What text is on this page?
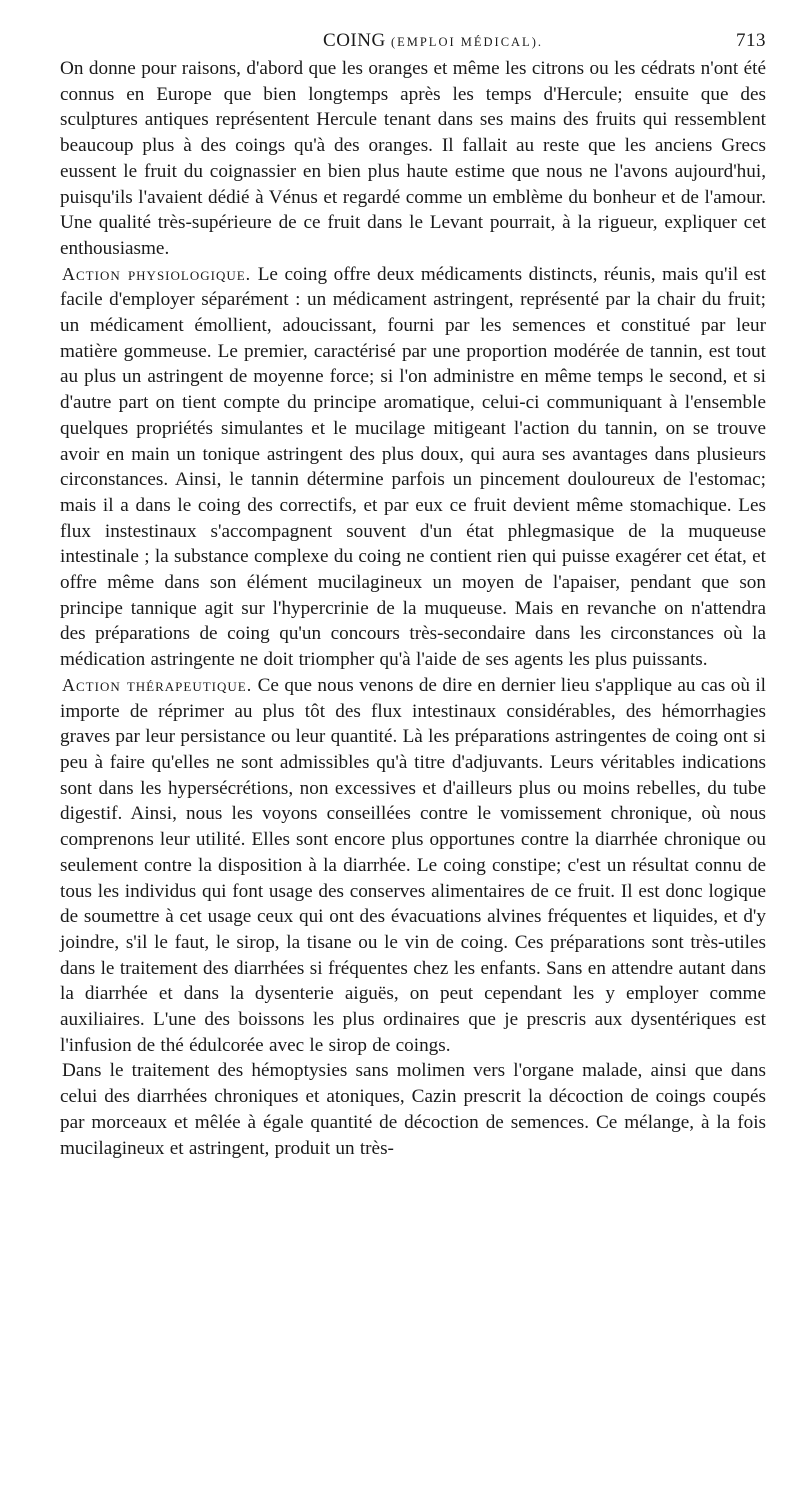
COING (EMPLOI MÉDICAL).	713

On donne pour raisons, d'abord que les oranges et même les citrons ou les cédrats n'ont été connus en Europe que bien longtemps après les temps d'Hercule; ensuite que des sculptures antiques représentent Hercule tenant dans ses mains des fruits qui ressemblent beaucoup plus à des coings qu'à des oranges. Il fallait au reste que les anciens Grecs eussent le fruit du coignassier en bien plus haute estime que nous ne l'avons aujourd'hui, puisqu'ils l'avaient dédié à Vénus et regardé comme un emblème du bonheur et de l'amour. Une qualité très-supérieure de ce fruit dans le Levant pourrait, à la rigueur, expliquer cet enthousiasme.

Action physiologique. Le coing offre deux médicaments distincts, réunis, mais qu'il est facile d'employer séparément : un médicament astringent, représenté par la chair du fruit; un médicament émollient, adoucissant, fourni par les semences et constitué par leur matière gommeuse. Le premier, caractérisé par une proportion modérée de tannin, est tout au plus un astringent de moyenne force; si l'on administre en même temps le second, et si d'autre part on tient compte du principe aromatique, celui-ci communiquant à l'ensemble quelques propriétés simulantes et le mucilage mitigeant l'action du tannin, on se trouve avoir en main un tonique astringent des plus doux, qui aura ses avantages dans plusieurs circonstances. Ainsi, le tannin détermine parfois un pincement douloureux de l'estomac; mais il a dans le coing des correctifs, et par eux ce fruit devient même stomachique. Les flux instestinaux s'accompagnent souvent d'un état phlegmasique de la muqueuse intestinale ; la substance complexe du coing ne contient rien qui puisse exagérer cet état, et offre même dans son élément mucilagineux un moyen de l'apaiser, pendant que son principe tannique agit sur l'hypercrinie de la muqueuse. Mais en revanche on n'attendra des préparations de coing qu'un concours très-secondaire dans les circonstances où la médication astringente ne doit triompher qu'à l'aide de ses agents les plus puissants.

Action thérapeutique. Ce que nous venons de dire en dernier lieu s'applique au cas où il importe de réprimer au plus tôt des flux intestinaux considérables, des hémorrhagies graves par leur persistance ou leur quantité. Là les préparations astringentes de coing ont si peu à faire qu'elles ne sont admissibles qu'à titre d'adjuvants. Leurs véritables indications sont dans les hypersécrétions, non excessives et d'ailleurs plus ou moins rebelles, du tube digestif. Ainsi, nous les voyons conseillées contre le vomissement chronique, où nous comprenons leur utilité. Elles sont encore plus opportunes contre la diarrhée chronique ou seulement contre la disposition à la diarrhée. Le coing constipe; c'est un résultat connu de tous les individus qui font usage des conserves alimentaires de ce fruit. Il est donc logique de soumettre à cet usage ceux qui ont des évacuations alvines fréquentes et liquides, et d'y joindre, s'il le faut, le sirop, la tisane ou le vin de coing. Ces préparations sont très-utiles dans le traitement des diarrhées si fréquentes chez les enfants. Sans en attendre autant dans la diarrhée et dans la dysenterie aiguës, on peut cependant les y employer comme auxiliaires. L'une des boissons les plus ordinaires que je prescris aux dysentériques est l'infusion de thé édulcorée avec le sirop de coings.

Dans le traitement des hémoptysies sans molimen vers l'organe malade, ainsi que dans celui des diarrhées chroniques et atoniques, Cazin prescrit la décoction de coings coupés par morceaux et mêlée à égale quantité de décoction de semences. Ce mélange, à la fois mucilagineux et astringent, produit un très-
